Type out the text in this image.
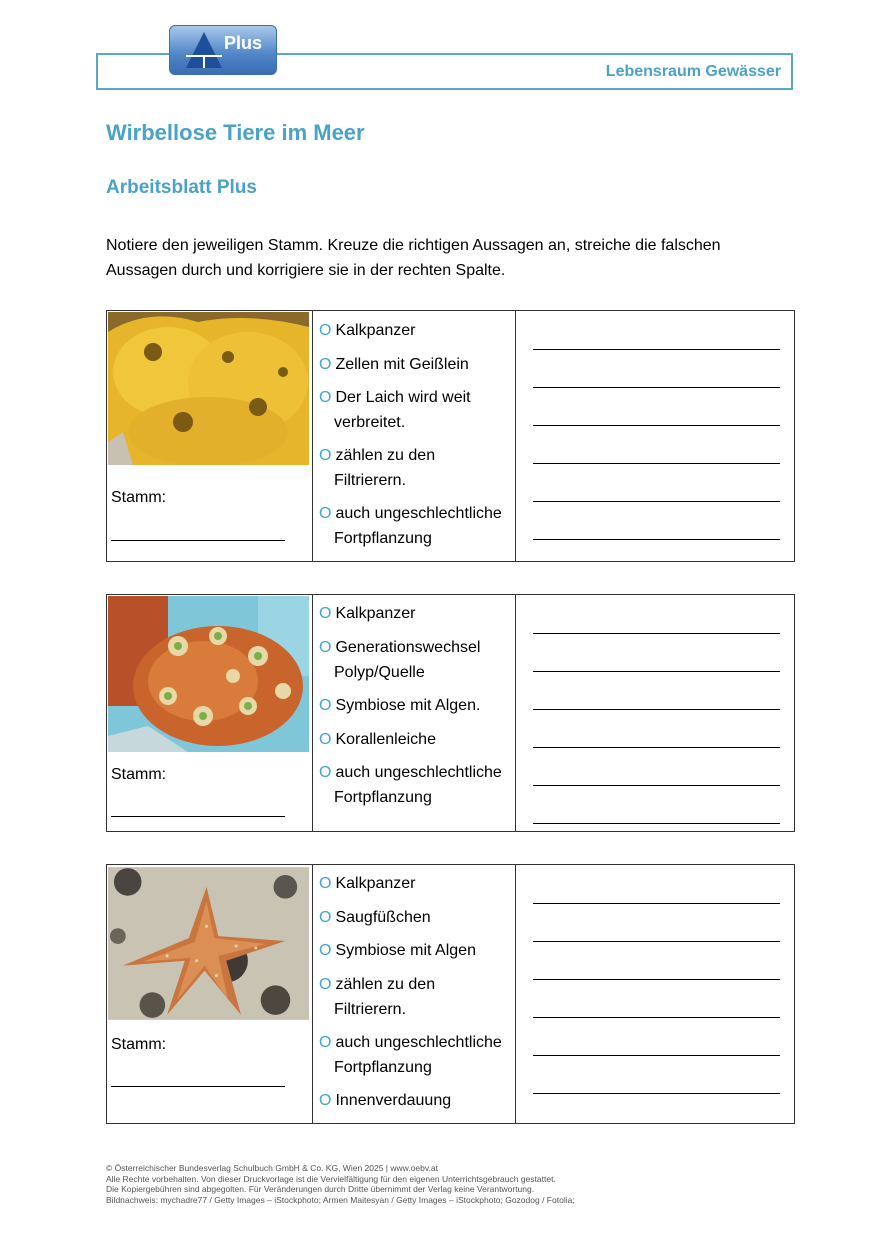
Lebensraum Gewässer
Plus
Wirbellose Tiere im Meer
Arbeitsblatt Plus

Notiere den jeweiligen Stamm. Kreuze die richtigen Aussagen an, streiche die falschen Aussagen durch und korrigiere sie in der rechten Spalte.

Stamm:
O Kalkpanzer
O Zellen mit Geißlein
O Der Laich wird weit
verbreitet.
O zählen zu den
Filtrierern.
O auch ungeschlechtliche
Fortpflanzung
Stamm:
O Kalkpanzer
O Generationswechsel
Polyp/Quelle
O Symbiose mit Algen.
O Korallenleiche
O auch ungeschlechtliche
Fortpflanzung
Stamm:
O Kalkpanzer
O Saugfüßchen
O Symbiose mit Algen
O zählen zu den
Filtrierern.
O auch ungeschlechtliche
Fortpflanzung
O Innenverdauung
© Österreichischer Bundesverlag Schulbuch GmbH & Co. KG, Wien 2025 | www.oebv.at
Alle Rechte vorbehalten. Von dieser Druckvorlage ist die Vervielfältigung für den eigenen Unterrichtsgebrauch gestattet.
Die Kopiergebühren sind abgegolten. Für Veränderungen durch Dritte übernimmt der Verlag keine Verantwortung.
Bildnachweis: mychadre77 / Getty Images – iStockphoto; Armen Maitesyan / Getty Images – iStockphoto; Gozodog / Fotolia;
